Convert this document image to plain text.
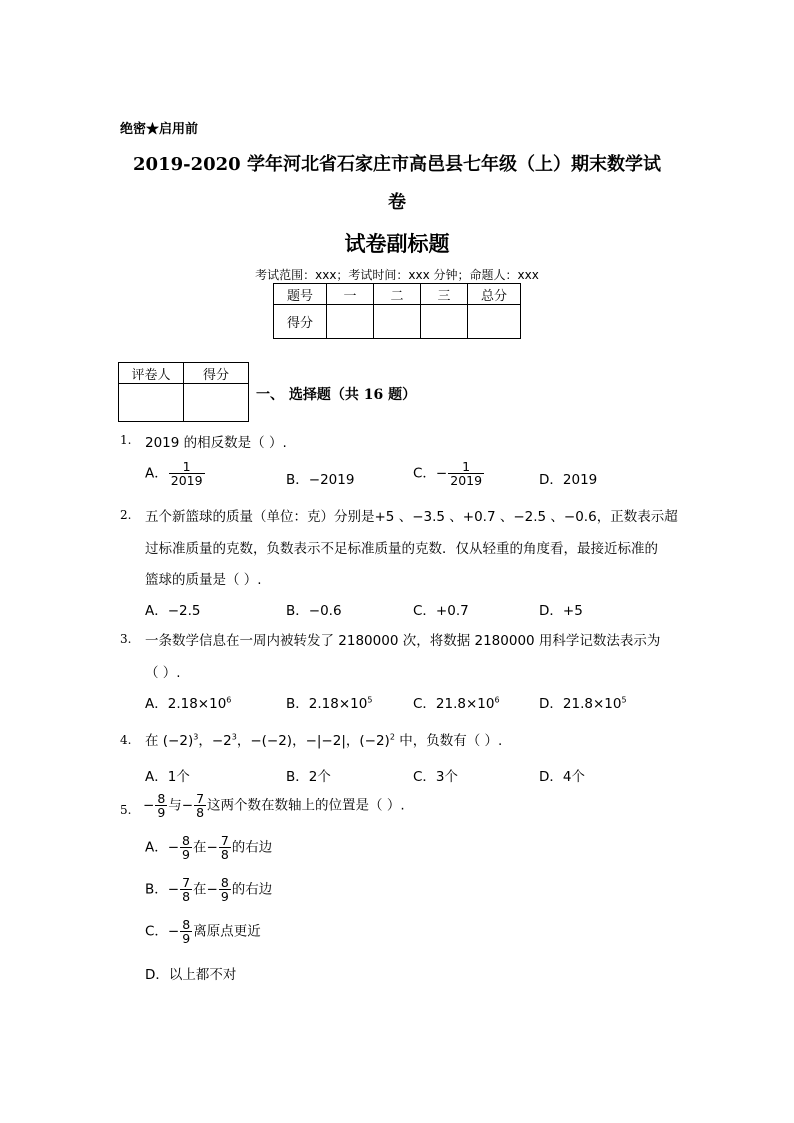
绝密★启用前
2019-2020 学年河北省石家庄市高邑县七年级（上）期末数学试
卷
试卷副标题
考试范围：xxx；考试时间：xxx 分钟；命题人：xxx
题号	一	二	三	总分
得分				
评卷人	得分

一、 选择题（共 16 题）
1. 2019 的相反数是（ ）.
A． $\frac{1}{2019}$	B．−2019	C．− $\frac{1}{2019}$	D．2019
2. 五个新篮球的质量（单位：克）分别是+5 、−3.5 、+0.7 、−2.5 、−0.6，正数表示超
过标准质量的克数，负数表示不足标准质量的克数．仅从轻重的角度看，最接近标准的
篮球的质量是（ ）.
A．−2.5	B．−0.6	C．+0.7	D．+5
3. 一条数学信息在一周内被转发了 2180000 次，将数据 2180000 用科学记数法表示为
（ ）.
A．$2.18\times 10^6$	B．$2.18\times 10^5$	C．$21.8\times 10^6$	D．$21.8\times 10^5$
4. 在 $(-2)^3$，$-2^3$，−(−2)，−|−2|，$(-2)^2$ 中，负数有（ ）.
A．1个	B．2个	C．3个	D．4个
5. − $\frac{8}{9}$ 与− $\frac{7}{8}$ 这两个数在数轴上的位置是（ ）.
A．− $\frac{8}{9}$ 在− $\frac{7}{8}$ 的右边
B．− $\frac{7}{8}$ 在− $\frac{8}{9}$ 的右边
C．− $\frac{8}{9}$ 离原点更近
D．以上都不对
